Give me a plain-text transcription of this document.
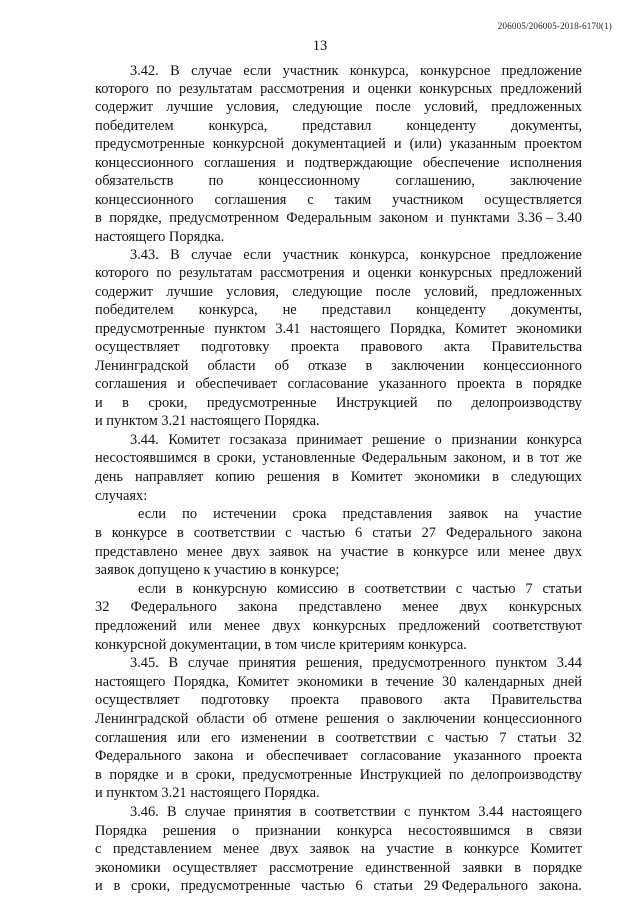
206005/206005-2018-6170(1)
13
3.42. В случае если участник конкурса, конкурсное предложение
которого по результатам рассмотрения и оценки конкурсных предложений
содержит лучшие условия, следующие после условий, предложенных
победителем конкурса, представил концеденту документы,
предусмотренные конкурсной документацией и (или) указанным проектом
концессионного соглашения и подтверждающие обеспечение исполнения
обязательств по концессионному соглашению, заключение
концессионного соглашения с таким участником осуществляется
в порядке, предусмотренном Федеральным законом и пунктами 3.36 – 3.40
настоящего Порядка.
3.43. В случае если участник конкурса, конкурсное предложение
которого по результатам рассмотрения и оценки конкурсных предложений
содержит лучшие условия, следующие после условий, предложенных
победителем конкурса, не представил концеденту документы,
предусмотренные пунктом 3.41 настоящего Порядка, Комитет экономики
осуществляет подготовку проекта правового акта Правительства
Ленинградской области об отказе в заключении концессионного
соглашения и обеспечивает согласование указанного проекта в порядке
и в сроки, предусмотренные Инструкцией по делопроизводству
и пунктом 3.21 настоящего Порядка.
3.44. Комитет госзаказа принимает решение о признании конкурса
несостоявшимся в сроки, установленные Федеральным законом, и в тот же
день направляет копию решения в Комитет экономики в следующих
случаях:
если по истечении срока представления заявок на участие
в конкурсе в соответствии с частью 6 статьи 27 Федерального закона
представлено менее двух заявок на участие в конкурсе или менее двух
заявок допущено к участию в конкурсе;
если в конкурсную комиссию в соответствии с частью 7 статьи
32 Федерального закона представлено менее двух конкурсных
предложений или менее двух конкурсных предложений соответствуют
конкурсной документации, в том числе критериям конкурса.
3.45. В случае принятия решения, предусмотренного пунктом 3.44
настоящего Порядка, Комитет экономики в течение 30 календарных дней
осуществляет подготовку проекта правового акта Правительства
Ленинградской области об отмене решения о заключении концессионного
соглашения или его изменении в соответствии с частью 7 статьи 32
Федерального закона и обеспечивает согласование указанного проекта
в порядке и в сроки, предусмотренные Инструкцией по делопроизводству
и пунктом 3.21 настоящего Порядка.
3.46. В случае принятия в соответствии с пунктом 3.44 настоящего
Порядка решения о признании конкурса несостоявшимся в связи
с представлением менее двух заявок на участие в конкурсе Комитет
экономики осуществляет рассмотрение единственной заявки в порядке
и в сроки, предусмотренные частью 6 статьи 29 Федерального закона.
